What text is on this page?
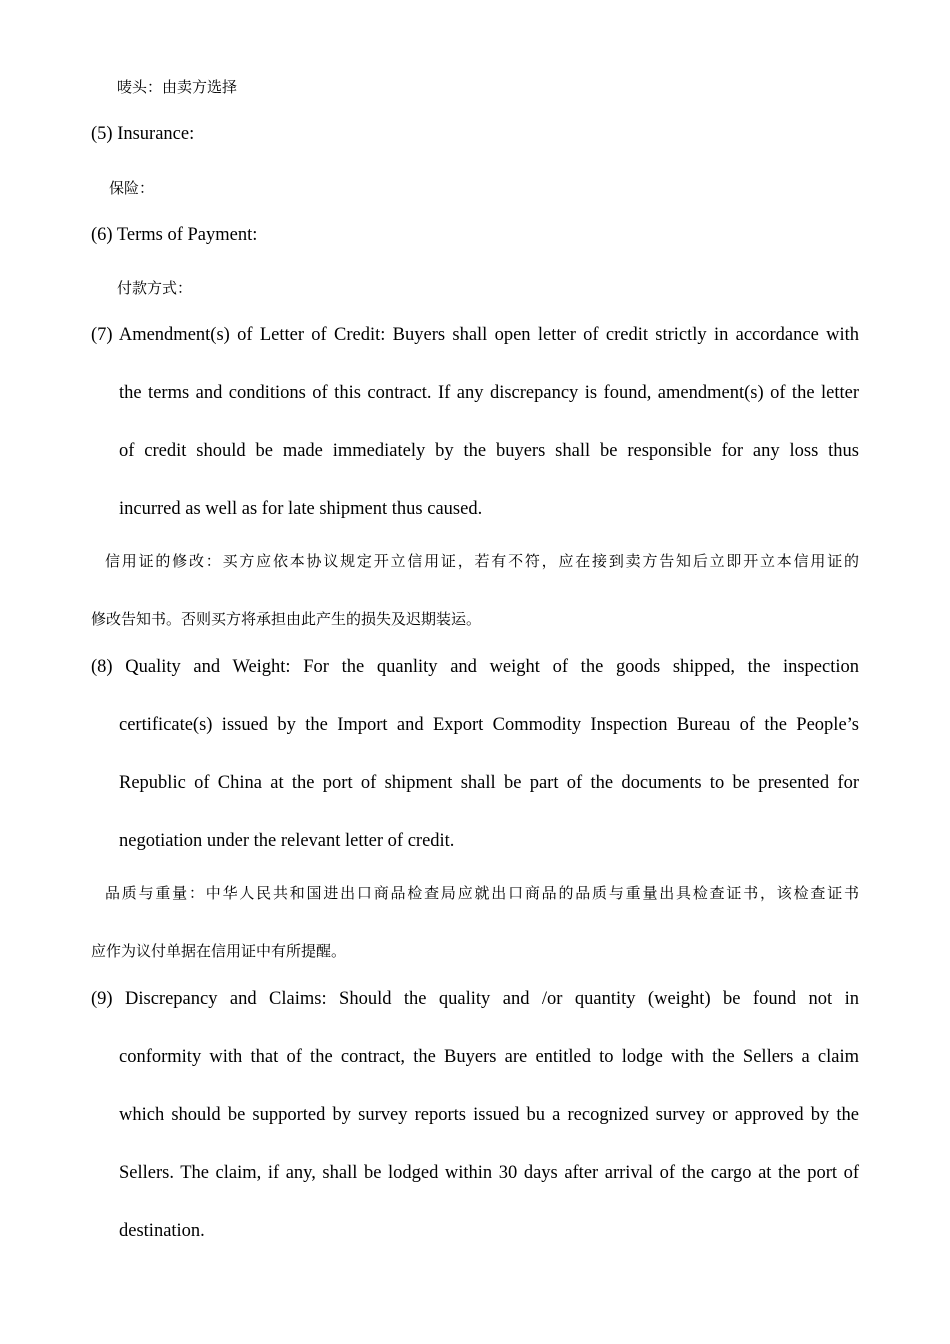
唛头：由卖方选择
(5) Insurance:
保险：
(6) Terms of Payment:
付款方式：
(7) Amendment(s) of Letter of Credit: Buyers shall open letter of credit strictly in accordance with
the terms and conditions of this contract. If any discrepancy is found, amendment(s) of the letter
of credit should be made immediately by the buyers shall be responsible for any loss thus
incurred as well as for late shipment thus caused.
信用证的修改：买方应依本协议规定开立信用证，若有不符，应在接到卖方告知后立即开立本信用证的
修改告知书。否则买方将承担由此产生的损失及迟期装运。
(8) Quality and Weight: For the quanlity and weight of the goods shipped, the inspection
certificate(s) issued by the Import and Export Commodity Inspection Bureau of the People’s
Republic of China at the port of shipment shall be part of the documents to be presented for
negotiation under the relevant letter of credit.
品质与重量：中华人民共和国进出口商品检查局应就出口商品的品质与重量出具检查证书，该检查证书
应作为议付单据在信用证中有所提醒。
(9) Discrepancy and Claims: Should the quality and /or quantity (weight) be found not in
conformity with that of the contract, the Buyers are entitled to lodge with the Sellers a claim
which should be supported by survey reports issued bu a recognized survey or approved by the
Sellers. The claim, if any, shall be lodged within 30 days after arrival of the cargo at the port of
destination.
